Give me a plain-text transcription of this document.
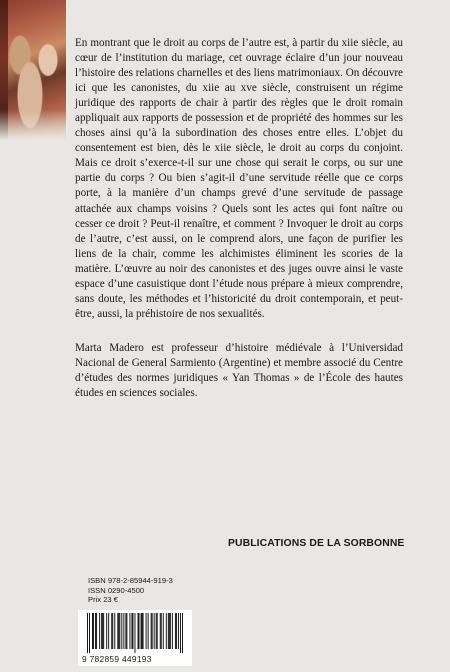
En montrant que le droit au corps de l’autre est, à partir du xiie siècle, au cœur de l’institution du mariage, cet ouvrage éclaire d’un jour nouveau l’histoire des relations charnelles et des liens matrimoniaux. On découvre ici que les canonistes, du xiie au xve siècle, construisent un régime juridique des rapports de chair à partir des règles que le droit romain appliquait aux rapports de possession et de propriété des hommes sur les choses ainsi qu’à la subordination des choses entre elles. L’objet du consentement est bien, dès le xiie siècle, le droit au corps du conjoint. Mais ce droit s’exerce-t-il sur une chose qui serait le corps, ou sur une partie du corps ? Ou bien s’agit-il d’une servitude réelle que ce corps porte, à la manière d’un champs grevé d’une servitude de passage attachée aux champs voisins ? Quels sont les actes qui font naître ou cesser ce droit ? Peut-il renaître, et comment ? Invoquer le droit au corps de l’autre, c’est aussi, on le comprend alors, une façon de purifier les liens de la chair, comme les alchimistes éliminent les scories de la matière. L’œuvre au noir des canonistes et des juges ouvre ainsi le vaste espace d’une casuistique dont l’étude nous prépare à mieux comprendre, sans doute, les méthodes et l’historicité du droit contemporain, et peut-être, aussi, la préhistoire de nos sexualités.

Marta Madero est professeur d’histoire médiévale à l’Universidad Nacional de General Sarmiento (Argentine) et membre associé du Centre d’études des normes juridiques « Yan Thomas » de l’École des hautes études en sciences sociales.

PUBLICATIONS DE LA SORBONNE
ISBN 978-2-85944-919-3
ISSN 0290-4500
Prix 23 €
9 782859 449193
